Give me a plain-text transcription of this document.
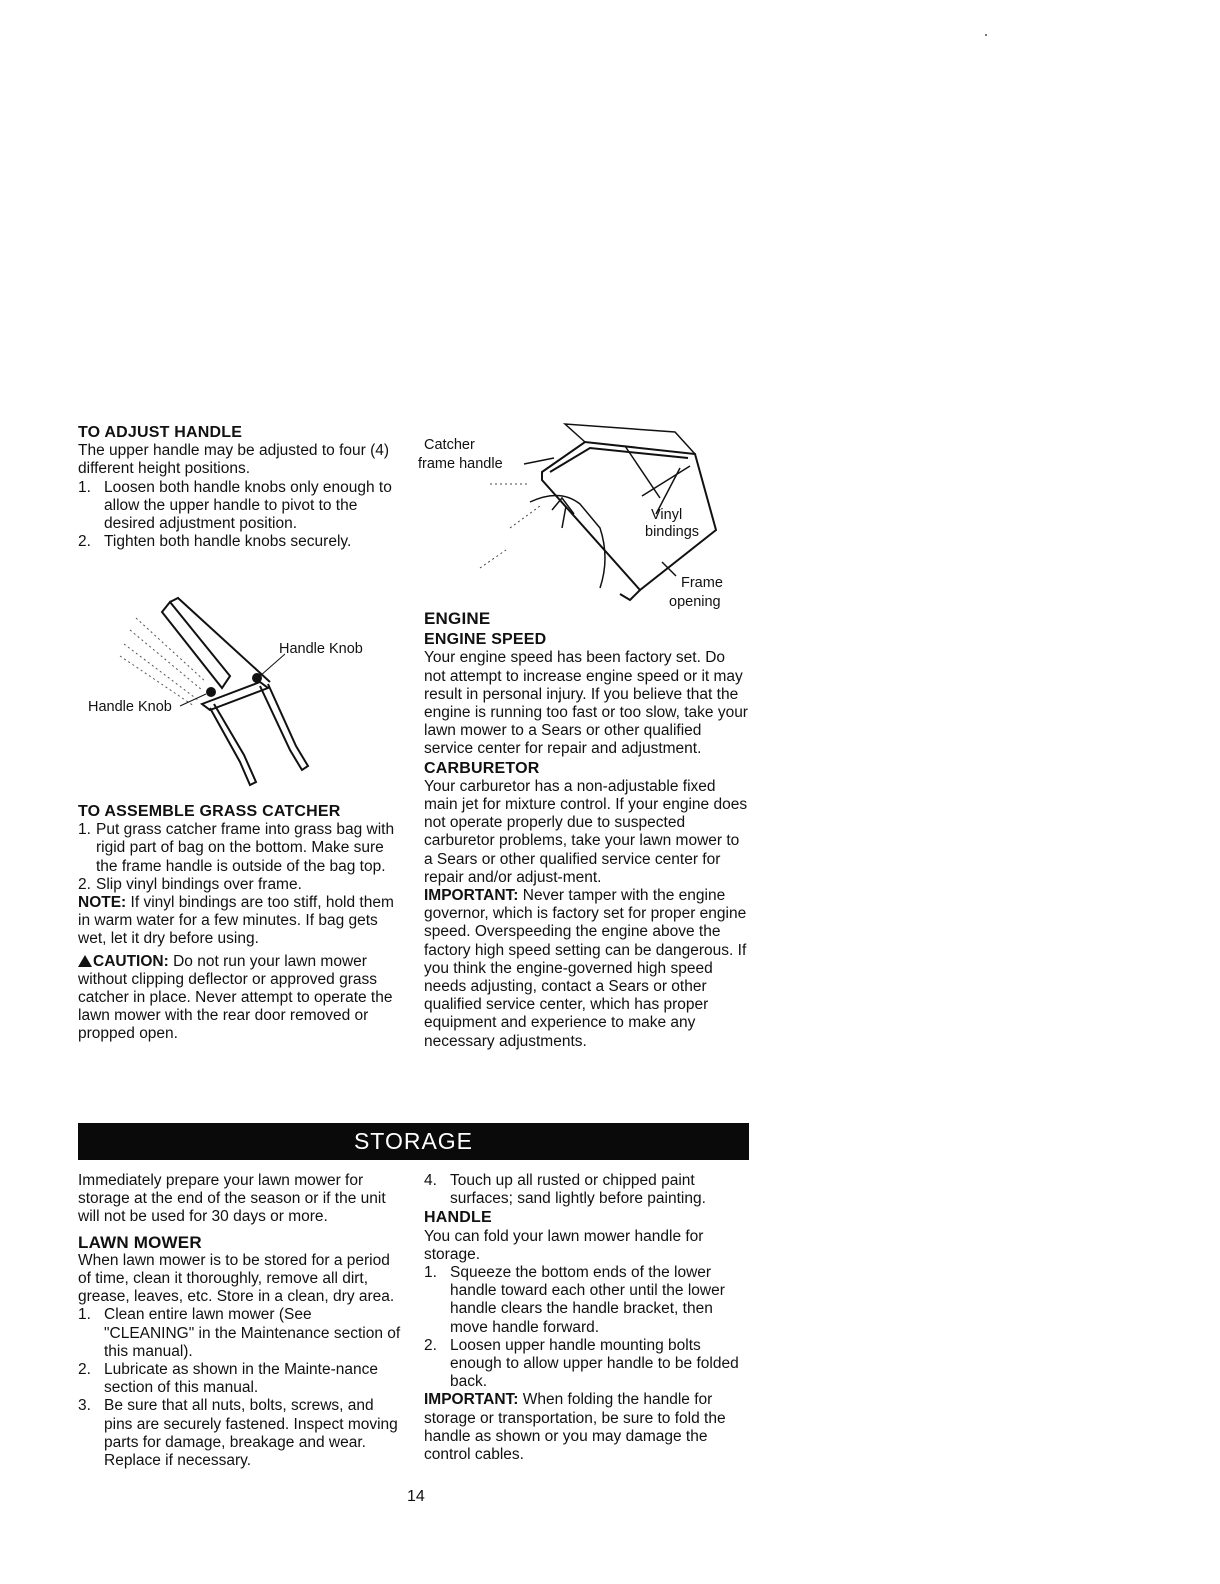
TO ADJUST HANDLE

The upper handle may be adjusted to four (4) different height positions.

1. Loosen both handle knobs only enough to allow the upper handle to pivot to the desired adjustment position.
2. Tighten both handle knobs securely.
Handle Knob
Handle Knob
TO ASSEMBLE GRASS CATCHER
1. Put grass catcher frame into grass bag with rigid part of bag on the bottom. Make sure the frame handle is outside of the bag top.
2. Slip vinyl bindings over frame.

NOTE: If vinyl bindings are too stiff, hold them in warm water for a few minutes. If bag gets wet, let it dry before using.

CAUTION: Do not run your lawn mower without clipping deflector or approved grass catcher in place. Never attempt to operate the lawn mower with the rear door removed or propped open.

Catcher
frame handle
Vinyl
bindings
Frame
opening
ENGINE
ENGINE SPEED

Your engine speed has been factory set. Do not attempt to increase engine speed or it may result in personal injury. If you believe that the engine is running too fast or too slow, take your lawn mower to a Sears or other qualified service center for repair and adjustment.

CARBURETOR

Your carburetor has a non-adjustable fixed main jet for mixture control. If your engine does not operate properly due to suspected carburetor problems, take your lawn mower to a Sears or other qualified service center for repair and/or adjust-ment.

IMPORTANT: Never tamper with the engine governor, which is factory set for proper engine speed. Overspeeding the engine above the factory high speed setting can be dangerous. If you think the engine-governed high speed needs adjusting, contact a Sears or other qualified service center, which has proper equipment and experience to make any necessary adjustments.

STORAGE

Immediately prepare your lawn mower for storage at the end of the season or if the unit will not be used for 30 days or more.

LAWN MOWER

When lawn mower is to be stored for a period of time, clean it thoroughly, remove all dirt, grease, leaves, etc. Store in a clean, dry area.

1. Clean entire lawn mower (See "CLEANING" in the Maintenance section of this manual).
2. Lubricate as shown in the Mainte-nance section of this manual.
3. Be sure that all nuts, bolts, screws, and pins are securely fastened. Inspect moving parts for damage, breakage and wear. Replace if necessary.
4. Touch up all rusted or chipped paint surfaces; sand lightly before painting.
HANDLE

You can fold your lawn mower handle for storage.

1. Squeeze the bottom ends of the lower handle toward each other until the lower handle clears the handle bracket, then move handle forward.
2. Loosen upper handle mounting bolts enough to allow upper handle to be folded back.

IMPORTANT: When folding the handle for storage or transportation, be sure to fold the handle as shown or you may damage the control cables.

14
